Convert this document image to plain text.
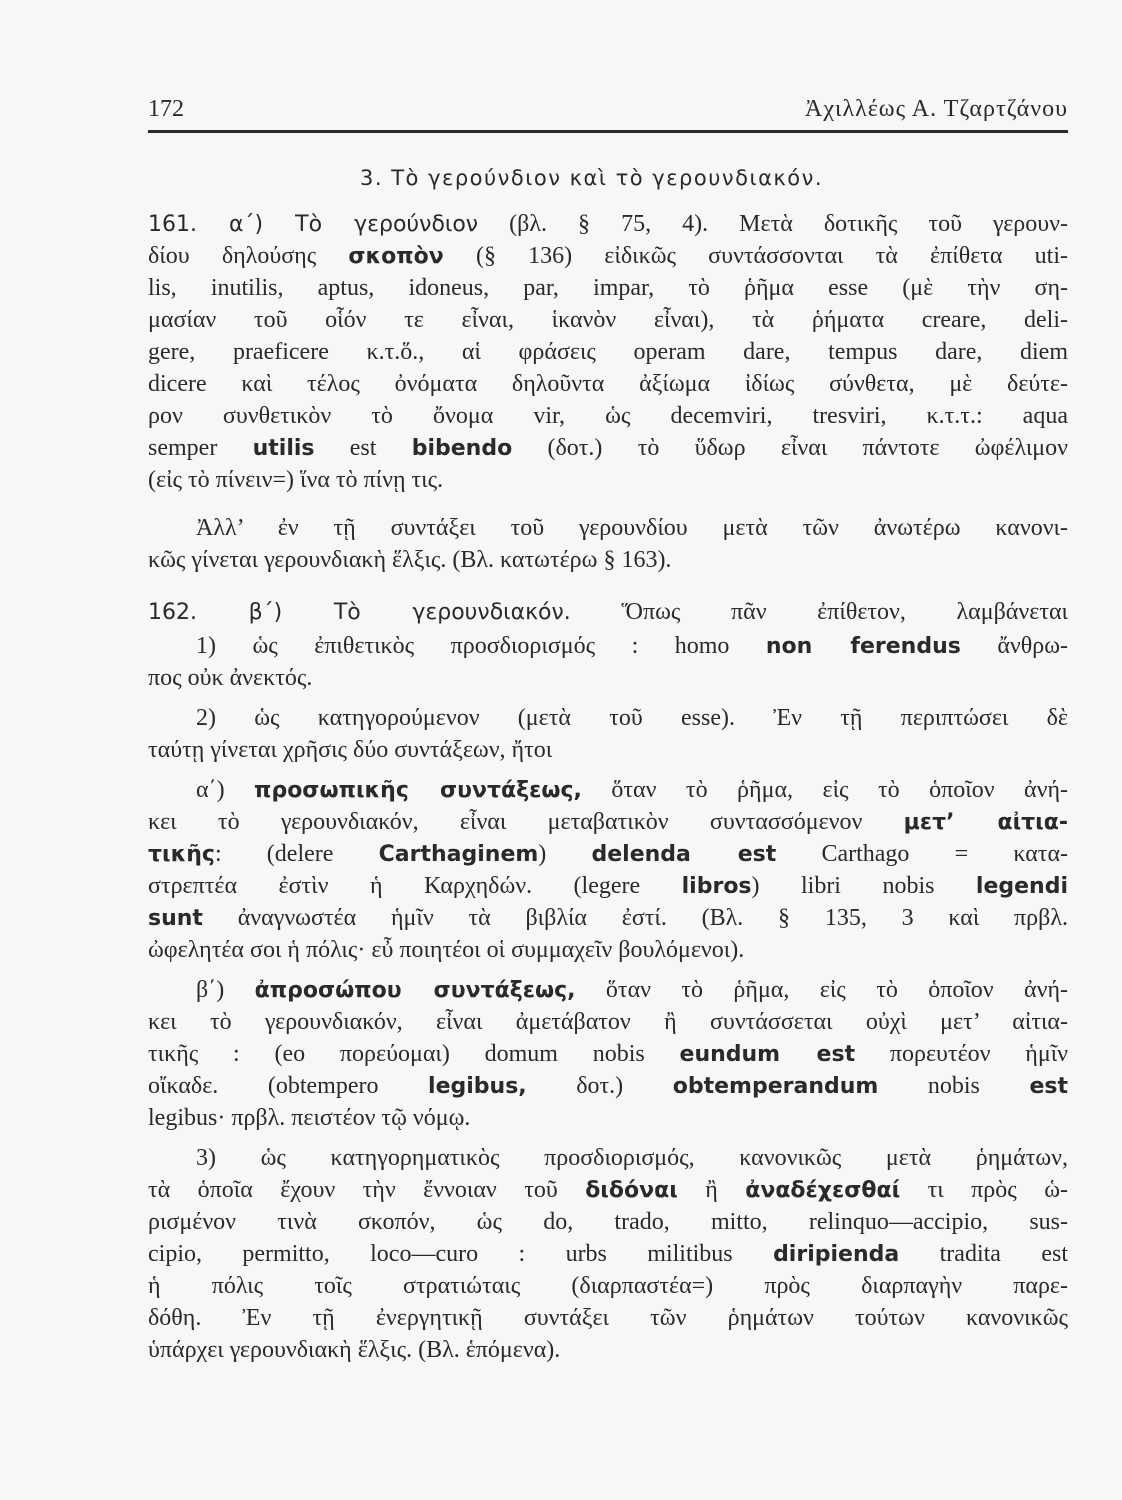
172	Ἀχιλλέως Α. Τζαρτζάνου
3. Τὸ γερούνδιον καὶ τὸ γερουνδιακόν.
161. α΄) Τὸ γερούνδιον (βλ. § 75, 4). Μετὰ δοτικῆς τοῦ γερουν-
δίου δηλούσης σκοπὸν (§ 136) εἰδικῶς συντάσσονται τὰ ἐπίθετα utі-
lis, inutilis, aptus, idoneus, par, impar, τὸ ῥῆμα esse (μὲ τὴν ση-
μασίαν τοῦ οἷόν τε εἶναι, ἱκανὸν εἶναι), τὰ ῥήματα creare, deli-
gere, praeficere κ.τ.ὅ., αἱ φράσεις operam dare, tempus dare, diem
dicere καὶ τέλος ὀνόματα δηλοῦντα ἀξίωμα ἰδίως σύνθετα, μὲ δεύτε-
ρον συνθετικὸν τὸ ὄνομα vir, ὡς decemviri, tresviri, κ.τ.τ.: aqua
semper utilis est bibendo (δοτ.) τὸ ὕδωρ εἶναι πάντοτε ὠφέλιμον
(εἰς τὸ πίνειν=) ἵνα τὸ πίνῃ τις.
Ἀλλ’ ἐν τῇ συντάξει τοῦ γερουνδίου μετὰ τῶν ἀνωτέρω κανονι-
κῶς γίνεται γερουνδιακὴ ἕλξις. (Βλ. κατωτέρω § 163).
162. β΄) Τὸ γερουνδιακόν. Ὅπως πᾶν ἐπίθετον, λαμβάνεται
1) ὡς ἐπιθετικὸς προσδιορισμός : homo non ferendus ἄνθρω-
πος οὐκ ἀνεκτός.
2) ὡς κατηγορούμενον (μετὰ τοῦ esse). Ἐν τῇ περιπτώσει δὲ
ταύτῃ γίνεται χρῆσις δύο συντάξεων, ἤτοι
α΄) προσωπικῆς συντάξεως, ὅταν τὸ ῥῆμα, εἰς τὸ ὁποῖον ἀνή-
κει τὸ γερουνδιακόν, εἶναι μεταβατικὸν συντασσόμενον μετ’ αἰτια-
τικῆς: (delere Carthaginem) delenda est Carthago = κατα-
στρεπτέα ἐστὶν ἡ Καρχηδών. (legere libros) libri nobis legendi
sunt ἀναγνωστέα ἡμῖν τὰ βιβλία ἐστί. (Βλ. § 135, 3 καὶ πρβλ.
ὠφελητέα σοι ἡ πόλις· εὖ ποιητέοι οἱ συμμαχεῖν βουλόμενοι).
β΄) ἀπροσώπου συντάξεως, ὅταν τὸ ῥῆμα, εἰς τὸ ὁποῖον ἀνή-
κει τὸ γερουνδιακόν, εἶναι ἀμετάβατον ἢ συντάσσεται οὐχὶ μετ’ αἰτια-
τικῆς : (eo πορεύομαι) domum nobis eundum est πορευτέον ἡμῖν
οἴκαδε. (obtempero legibus, δοτ.) obtemperandum nobis est
legibus· πρβλ. πειστέον τῷ νόμῳ.
3) ὡς κατηγορηματικὸς προσδιορισμός, κανονικῶς μετὰ ῥημάτων,
τὰ ὁποῖα ἔχουν τὴν ἔννοιαν τοῦ διδόναι ἢ ἀναδέχεσθαί τι πρὸς ὡ-
ρισμένον τινὰ σκοπόν, ὡς do, trado, mitto, relinquo—accipio, sus-
cipio, permitto, loco—curo : urbs militibus diripienda tradita est
ἡ πόλις τοῖς στρατιώταις (διαρπαστέα=) πρὸς διαρπαγὴν παρε-
δόθη. Ἐν τῇ ἐνεργητικῇ συντάξει τῶν ῥημάτων τούτων κανονικῶς
ὑπάρχει γερουνδιακὴ ἕλξις. (Βλ. ἑπόμενα).
